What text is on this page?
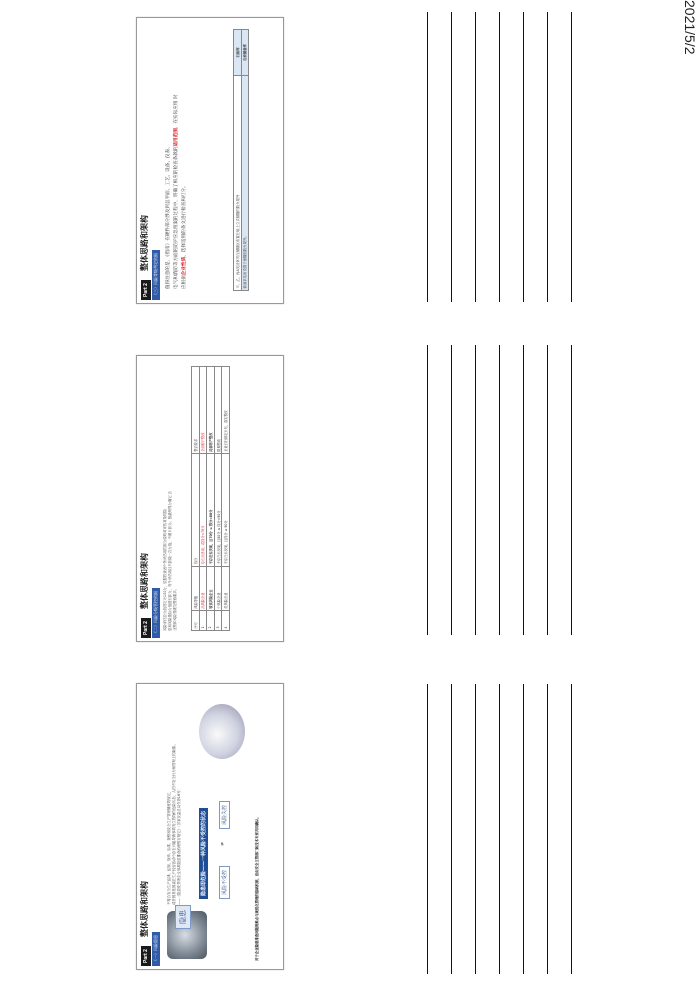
2021/5/2
Part 2
整体思路和架构
（一）风险隐患
隐患
不符合安全生产法律、法规、规章、标准、规程和安全生产管理制度的规定， 或者因其他因素在生产经营活动中存在可能导致事故发生的物的危险状态、人的不安全行为和管理上的缺陷。 ——《隐患化管理企业事故隐患排查治理暂行规定》（国家安监总局令第16号）	隐患即危险——一种风险不受控的状态	风险不受控
≠
风险失控
对于企业隐患排查问题的难点与规范化管理的基础机制，应由安全主管部门和技术专家共同确认。
Part 2
整体思路和架构
（二）风险分级管控依据	风险评估总分值设定为100分，依据检查表中各评估项的扣分说明对评估对象的隐 患和风险指标分值进行扣分，每个评估项目只扣除一次分值，不累计扣分。按最终得分确定 企 业整体风险等级及整治要求。	序号	风险等级	得分	整治要求
1	高风险企业	存在否决项，或得分<70分	全面停产整改
2	较高风险企业	不存在否决项，且70分 ≤ 得分<80分	局部停产整改
3	中风险企业	不存在否决项，且80分 ≤ 得分<90分	限期整改
4	低风险企业	不存在否决项，且得分 ≥ 90分	企业自行制定计划，落实整改
Part 2
整体思路和架构
（三）风险等级判定依据	值得注意的是，《指南》在硬件部分涉及到总平面、工艺、设备、仪表、 电气和消防等方面的防护应急预案的过程中，明确了相应的检查条款的适用范围，在实际应用 时
应根据企业性质、选择适用的条文进行检查和打分。	甲、乙、丙A类液体常压储罐区布置在地上立式储罐的防火堤外	石油库
输油泵站应设置于油罐组防火堤外。	石油储备库
